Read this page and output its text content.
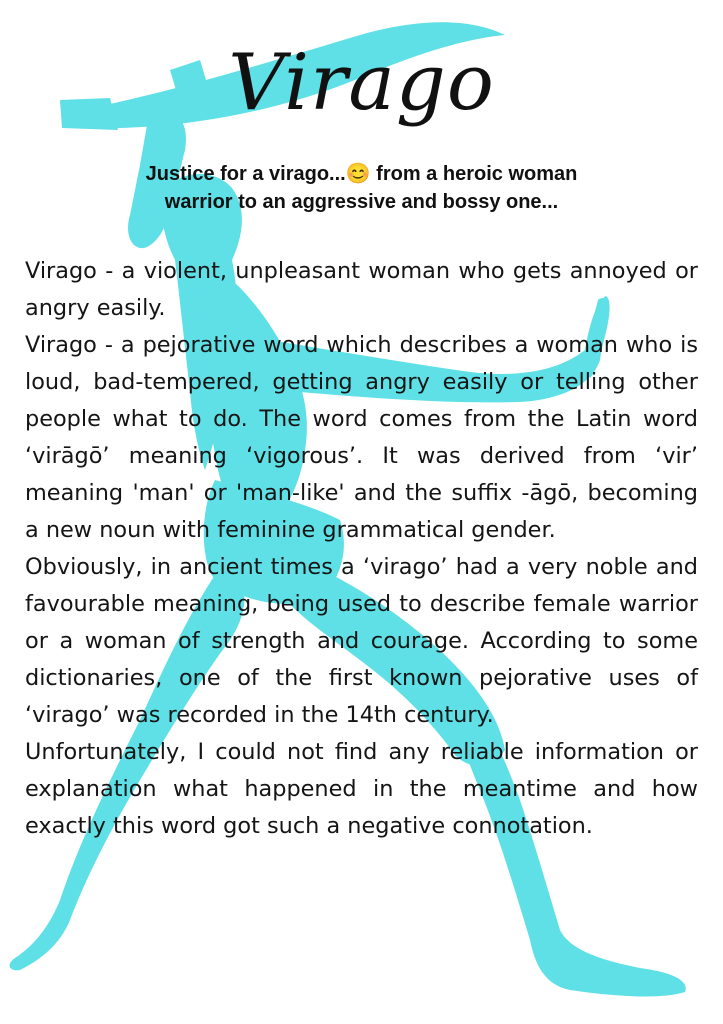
Virago
Justice for a virago...😊 from a heroic woman
warrior to an aggressive and bossy one...

Virago - a violent, unpleasant woman who gets annoyed or angry easily.

Virago - a pejorative word which describes a woman who is loud, bad-tempered, getting angry easily or telling other people what to do. The word comes from the Latin word ‘virāgō’ meaning ‘vigorous’. It was derived from ‘vir’ meaning 'man' or 'man-like' and the suffix -āgō, becoming a new noun with feminine grammatical gender.

Obviously, in ancient times a ‘virago’ had a very noble and favourable meaning, being used to describe female warrior or a woman of strength and courage. According to some dictionaries, one of the first known pejorative uses of ‘virago’ was recorded in the 14th century.

Unfortunately, I could not find any reliable information or explanation what happened in the meantime and how exactly this word got such a negative connotation.
